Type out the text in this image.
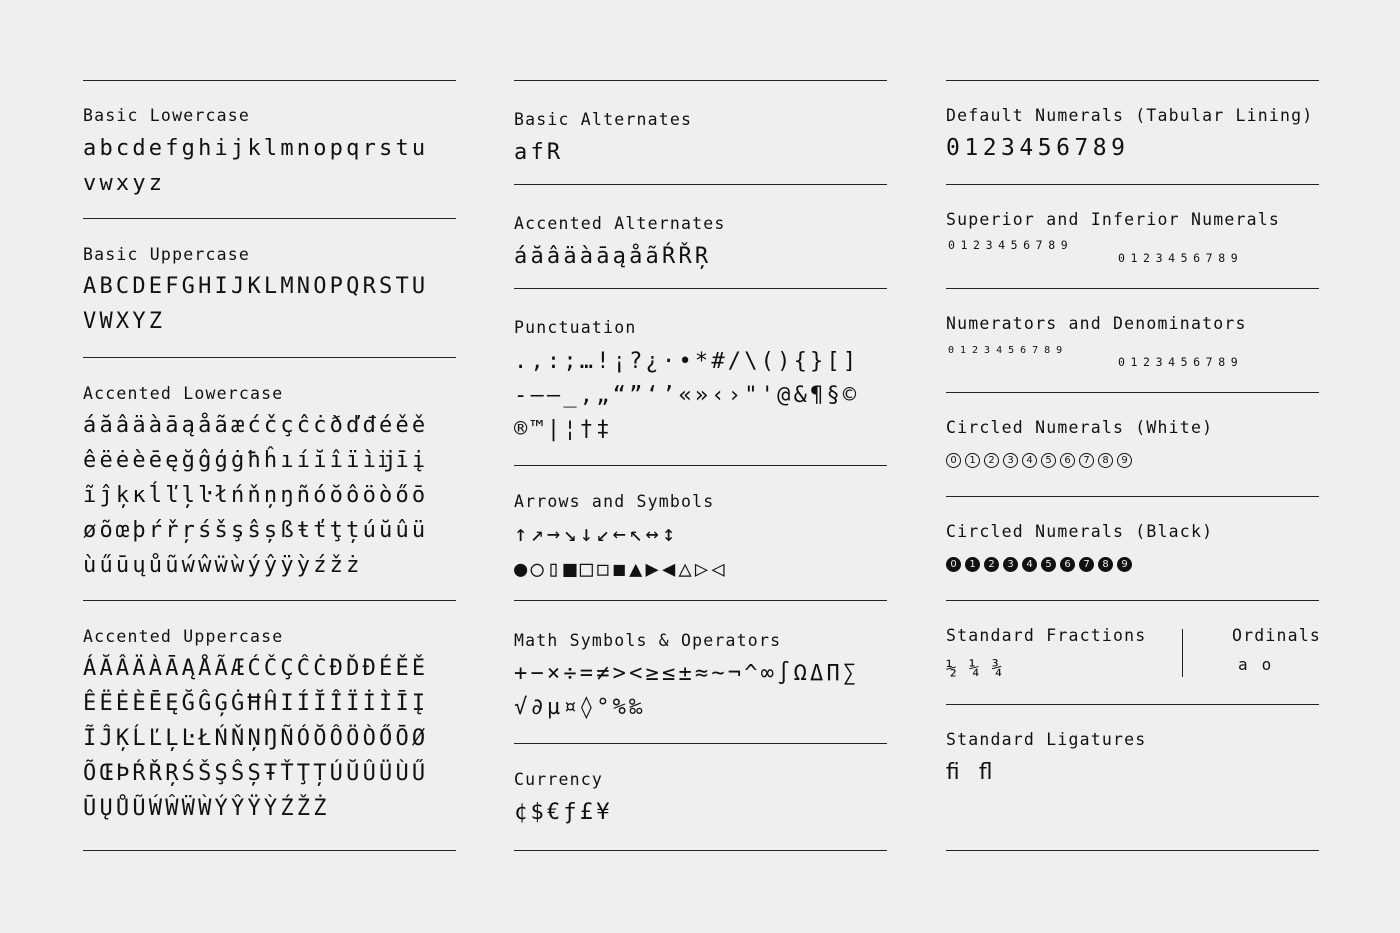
Basic Lowercase
abcdefghijklmnopqrstu
vwxyz
Basic Uppercase
ABCDEFGHIJKLMNOPQRSTU
VWXYZ
Accented Lowercase
áăâäàāąåãæćčçĉċðďđéěě
êëėèēęğĝģġħĥıíĭîïìĳīį
ĩĵķĸĺľļŀłńňņŋñóŏôöòőō
øõœþŕřŗśšşŝșßŧťţțúŭûü
ùűūųůũẃŵẅẁýŷÿỳźžż
Accented Uppercase
ÁĂÂÄÀĀĄÅÃÆĆČÇĈĊÐĎĐÉĚĚ
ÊËĖÈĒĘĞĜĢĠĦĤIÍĬÎÏİÌĪĮ
ĨĴĶĹĽĻĿŁŃŇŅŊÑÓŎÔÖÒŐŌØ
ÕŒÞŔŘŖŚŠŞŜȘŦŤŢȚÚŬÛÜÙŰ
ŪŲŮŨẂŴẄẀÝŶŸỲŹŽŻ
Basic Alternates
afR
Accented Alternates
áăâäàāąåãŔŘŖ
Punctuation
.,:;…!¡?¿·•*#/\(){}[]
‑–—_‚„“”‘’«»‹›"'@&¶§©
®™|¦†‡
Arrows and Symbols
↑↗→↘↓↙←↖↔↕
●○▯■□◻◼▲▶◀△▷◁
Math Symbols & Operators
+−×÷=≠><≥≤±≈~¬^∞∫ΩΔΠ∑
√∂µ¤◊°%‰
Currency
¢$€ƒ£¥
Default Numerals (Tabular Lining)
0123456789
Superior and Inferior Numerals
0123456789
0123456789
Numerators and Denominators
0123456789
0123456789
Circled Numerals (White)
0	1	2	3	4	5	6	7	8	9
Circled Numerals (Black)
0	1	2	3	4	5	6	7	8	9
Standard Fractions
½¼¾
Ordinals
ao
Standard Ligatures
ﬁ ﬂ
